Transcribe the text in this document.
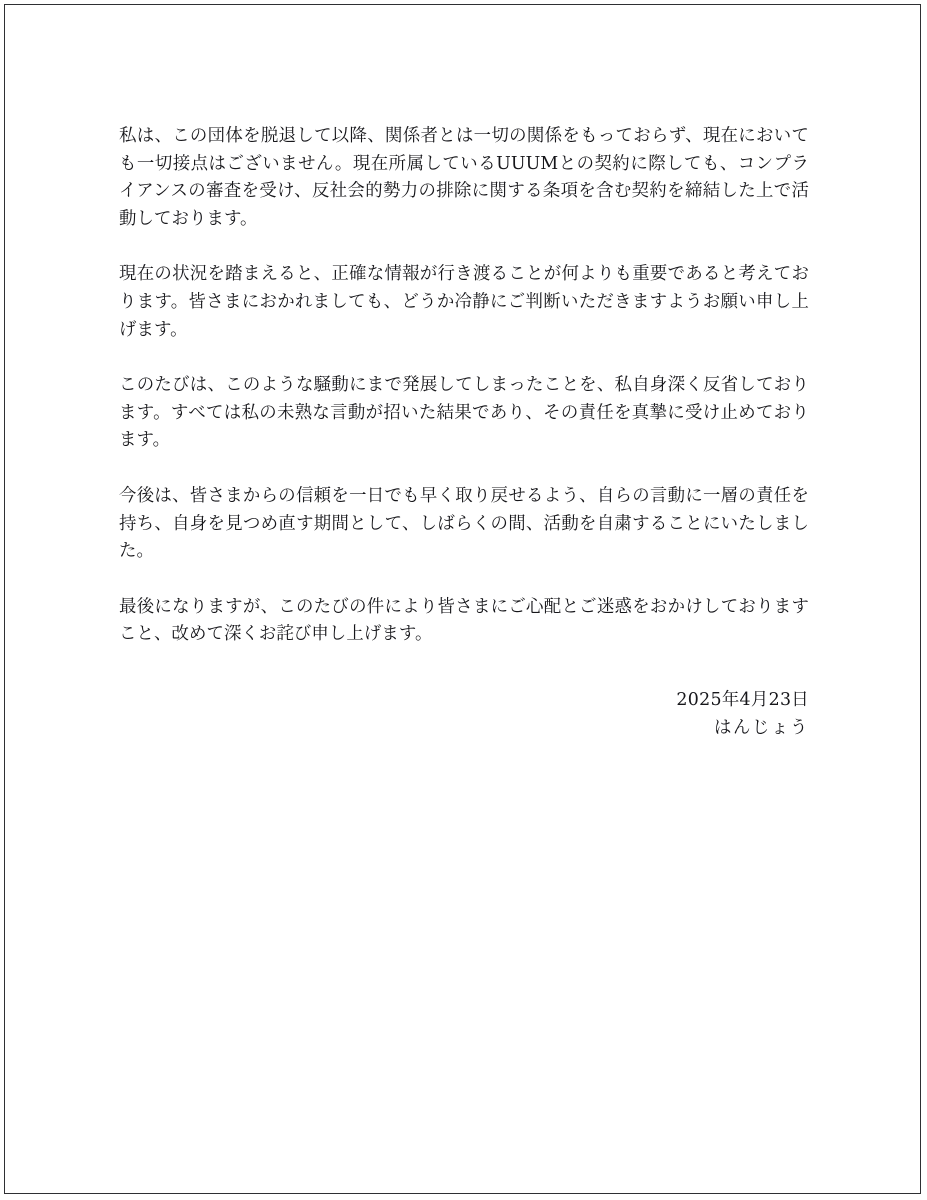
私は、この団体を脱退して以降、関係者とは一切の関係をもっておらず、現在においても一切接点はございません。現在所属しているUUUMとの契約に際しても、コンプライアンスの審査を受け、反社会的勢力の排除に関する条項を含む契約を締結した上で活動しております。

現在の状況を踏まえると、正確な情報が行き渡ることが何よりも重要であると考えております。皆さまにおかれましても、どうか冷静にご判断いただきますようお願い申し上げます。

このたびは、このような騒動にまで発展してしまったことを、私自身深く反省しております。すべては私の未熟な言動が招いた結果であり、その責任を真摯に受け止めております。

今後は、皆さまからの信頼を一日でも早く取り戻せるよう、自らの言動に一層の責任を持ち、自身を見つめ直す期間として、しばらくの間、活動を自粛することにいたしました。

最後になりますが、このたびの件により皆さまにご心配とご迷惑をおかけしておりますこと、改めて深くお詫び申し上げます。

2025年4月23日
はんじょう
